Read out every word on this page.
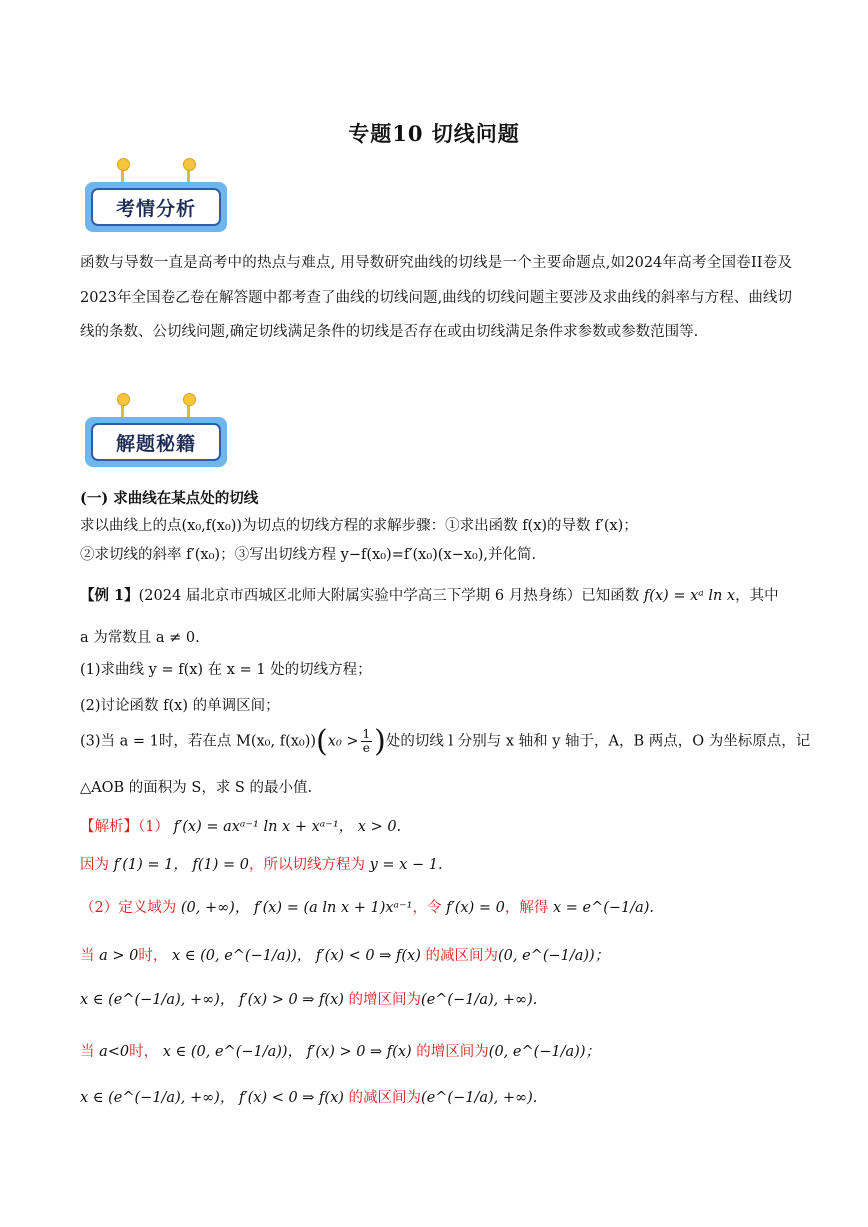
专题10 切线问题
考情分析
函数与导数一直是高考中的热点与难点, 用导数研究曲线的切线是一个主要命题点,如2024年高考全国卷II卷及2023年全国卷乙卷在解答题中都考查了曲线的切线问题,曲线的切线问题主要涉及求曲线的斜率与方程、曲线切线的条数、公切线问题,确定切线满足条件的切线是否存在或由切线满足条件求参数或参数范围等.
解题秘籍
(一) 求曲线在某点处的切线
求以曲线上的点(x₀,f(x₀))为切点的切线方程的求解步骤：①求出函数 f(x)的导数 f′(x)；
②求切线的斜率 f′(x₀)；③写出切线方程 y−f(x₀)=f′(x₀)(x−x₀),并化简.
【例 1】(2024 届北京市西城区北师大附属实验中学高三下学期 6 月热身练）已知函数 f(x) = xᵃ ln x，其中
a 为常数且 a ≠ 0.
(1)求曲线 y = f(x) 在 x = 1 处的切线方程；
(2)讨论函数 f(x) 的单调区间；
(3)当 a = 1时，若在点 M(x₀, $f(x_0))(x_0 > \frac{1}{e}$ )处的切线 l 分别与 x 轴和 y 轴于，A，B 两点，O 为坐标原点，记
△AOB 的面积为 S，求 S 的最小值.
【解析】（1） f′(x) = axᵃ⁻¹ ln x + xᵃ⁻¹， x > 0.
因为 f′(1) = 1， f(1) = 0，所以切线方程为 y = x − 1.
（2）定义域为 (0, +∞)， f′(x) = (a ln x + 1)xᵃ⁻¹，令 f′(x) = 0，解得 x = e^(−1/a).
当 a > 0时， x ∈ (0, e^(−1/a))， f′(x) < 0 ⇒ f(x) 的减区间为(0, e^(−1/a))；
x ∈ (e^(−1/a), +∞)， f′(x) > 0 ⇒ f(x) 的增区间为(e^(−1/a), +∞).
当 a<0时， x ∈ (0, e^(−1/a))， f′(x) > 0 ⇒ f(x) 的增区间为(0, e^(−1/a))；
x ∈ (e^(−1/a), +∞)， f′(x) < 0 ⇒ f(x) 的减区间为(e^(−1/a), +∞).
